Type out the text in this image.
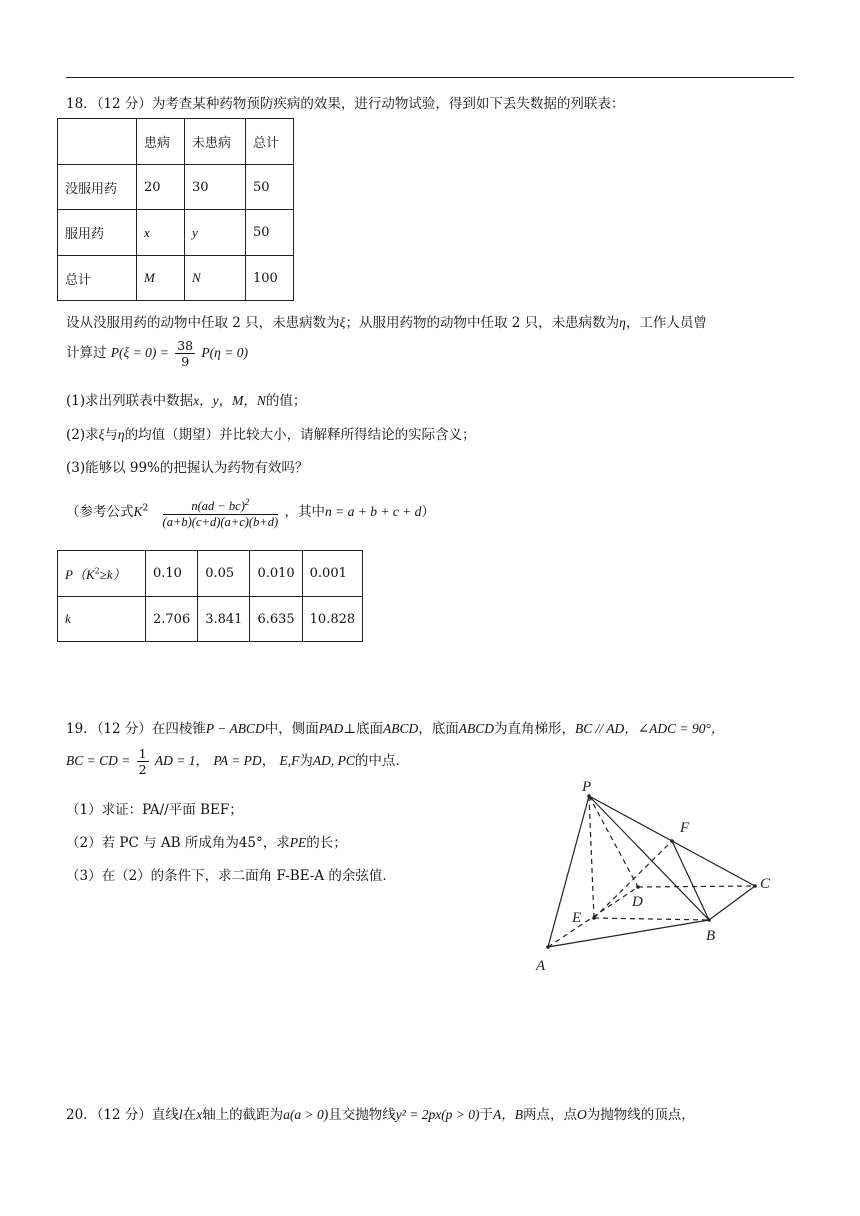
18．（12 分）为考查某种药物预防疾病的效果，进行动物试验，得到如下丢失数据的列联表：
	患病	未患病	总计
没服用药	20	30	50
服用药	x	y	50
总计	M	N	100
设从没服用药的动物中任取 2 只，未患病数为ξ；从服用药物的动物中任取 2 只，未患病数为η，工作人员曾
计算过 $P(\xi = 0) = \frac{38}{9} P(\eta = 0)$
(1)求出列联表中数据x，y，M，N的值；
(2)求ξ与η的均值（期望）并比较大小，请解释所得结论的实际含义；
(3)能够以 99%的把握认为药物有效吗？
（参考公式$K^2 \frac{n(ad - bc)^2}{(a+b)(c+d)(a+c)(b+d)}$ ，其中n = a + b + c + d）
$P(K^2\ge k)$	0.10	0.05	0.010	0.001
k	2.706	3.841	6.635	10.828
19．（12 分）在四棱锥P − ABCD中，侧面PAD⊥底面ABCD，底面ABCD为直角梯形，BC // AD，∠ADC = 90°，
BC = CD = $\frac{1}{2}$ AD = 1， PA = PD， E,F为AD, PC的中点.
（1）求证：PA//平面 BEF；
（2）若 PC 与 AB 所成角为45°，求PE的长；
（3）在（2）的条件下，求二面角 F-BE-A 的余弦值.
P
F
C
D
E
B
A
20．（12 分）直线l在x轴上的截距为a(a > 0)且交抛物线y² = 2px(p > 0)于A，B两点，点O为抛物线的顶点，
